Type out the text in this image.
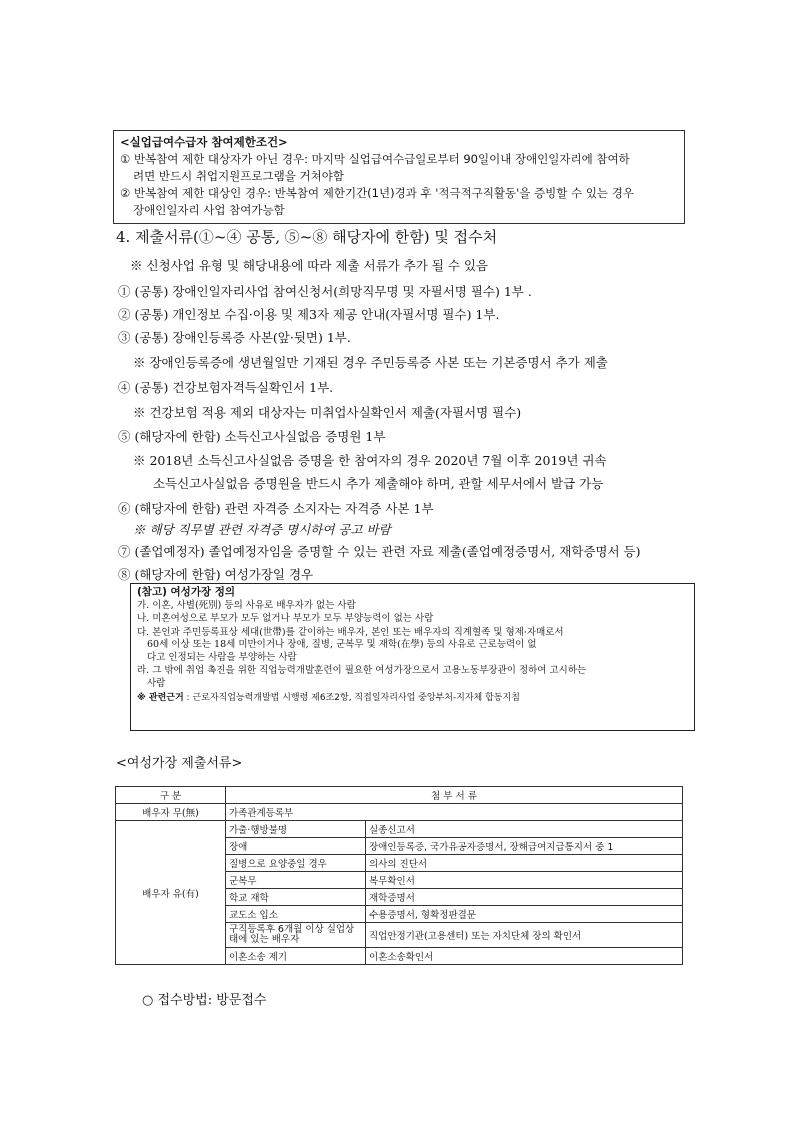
<실업급여수급자 참여제한조건>
① 반복참여 제한 대상자가 아닌 경우: 마지막 실업급여수급일로부터 90일이내 장애인일자리에 참여하
려면 반드시 취업지원프로그램을 거쳐야함
② 반복참여 제한 대상인 경우: 반복참여 제한기간(1년)경과 후 '적극적구직활동'을 증빙할 수 있는 경우
장애인일자리 사업 참여가능함
4. 제출서류(①~④ 공통, ⑤~⑧ 해당자에 한함) 및 접수처
※ 신청사업 유형 및 해당내용에 따라 제출 서류가 추가 될 수 있음
① (공통) 장애인일자리사업 참여신청서(희망직무명 및 자필서명 필수) 1부 .
② (공통) 개인정보 수집·이용 및 제3자 제공 안내(자필서명 필수) 1부.
③ (공통) 장애인등록증 사본(앞·뒷면) 1부.
※ 장애인등록증에 생년월일만 기재된 경우 주민등록증 사본 또는 기본증명서 추가 제출
④ (공통) 건강보험자격득실확인서 1부.
※ 건강보험 적용 제외 대상자는 미취업사실확인서 제출(자필서명 필수)
⑤ (해당자에 한함) 소득신고사실없음 증명원 1부
※ 2018년 소득신고사실없음 증명을 한 참여자의 경우 2020년 7월 이후 2019년 귀속
소득신고사실없음 증명원을 반드시 추가 제출해야 하며, 관할 세무서에서 발급 가능
⑥ (해당자에 한함) 관련 자격증 소지자는 자격증 사본 1부
※ 해당 직무별 관련 자격증 명시하여 공고 바람
⑦ (졸업예정자) 졸업예정자임을 증명할 수 있는 관련 자료 제출(졸업예정증명서, 재학증명서 등)
⑧ (해당자에 한함) 여성가장일 경우
(참고) 여성가장 정의
가. 이혼, 사별(死別) 등의 사유로 배우자가 없는 사람
나. 미혼여성으로 부모가 모두 없거나 부모가 모두 부양능력이 없는 사람
다. 본인과 주민등록표상 세대(世帶)를 같이하는 배우자, 본인 또는 배우자의 직계혈족 및 형제·자매로서
60세 이상 또는 18세 미만이거나 장애, 질병, 군복무 및 재학(在學) 등의 사유로 근로능력이 없
다고 인정되는 사람을 부양하는 사람
라. 그 밖에 취업 촉진을 위한 직업능력개발훈련이 필요한 여성가장으로서 고용노동부장관이 정하여 고시하는
사람
※ 관련근거 : 근로자직업능력개발법 시행령 제6조2항, 직접일자리사업 중앙부처-지자체 합동지침
<여성가장 제출서류>
구 분	첨 부 서 류	
배우자 무(無)	가족관계등록부	
배우자 유(有)	가출·행방불명	실종신고서
	장애	장애인등록증, 국가유공자증명서, 장해급여지급통지서 중 1
	질병으로 요양중일 경우	의사의 진단서
	군복무	복무확인서
	학교 재학	재학증명서
	교도소 입소	수용증명서, 형확정판결문
	구직등록후 6개월 이상 실업상태에 있는 배우자	직업안정기관(고용센터) 또는 자치단체 장의 확인서
	이혼소송 제기	이혼소송확인서
○ 접수방법: 방문접수
